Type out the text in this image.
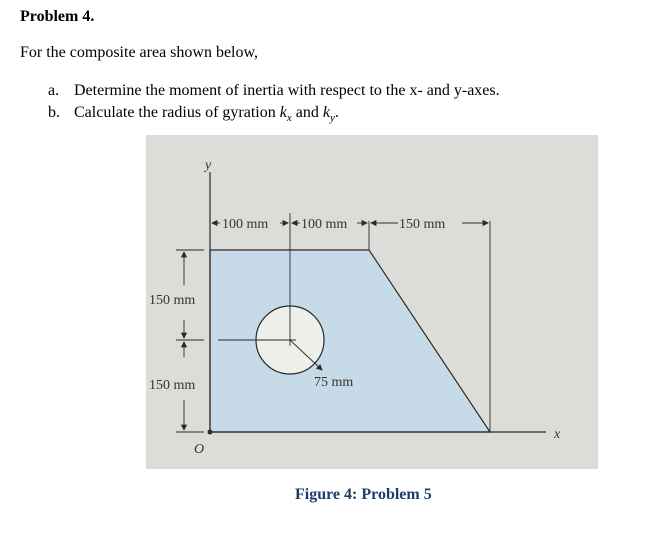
Problem 4.
For the composite area shown below,
a. Determine the moment of inertia with respect to the x- and y-axes.
b. Calculate the radius of gyration $k_x$ and $k_y$.
y
x
O
100 mm 100 mm	150 mm
150 mm
150 mm	75 mm
Figure 4: Problem 5
